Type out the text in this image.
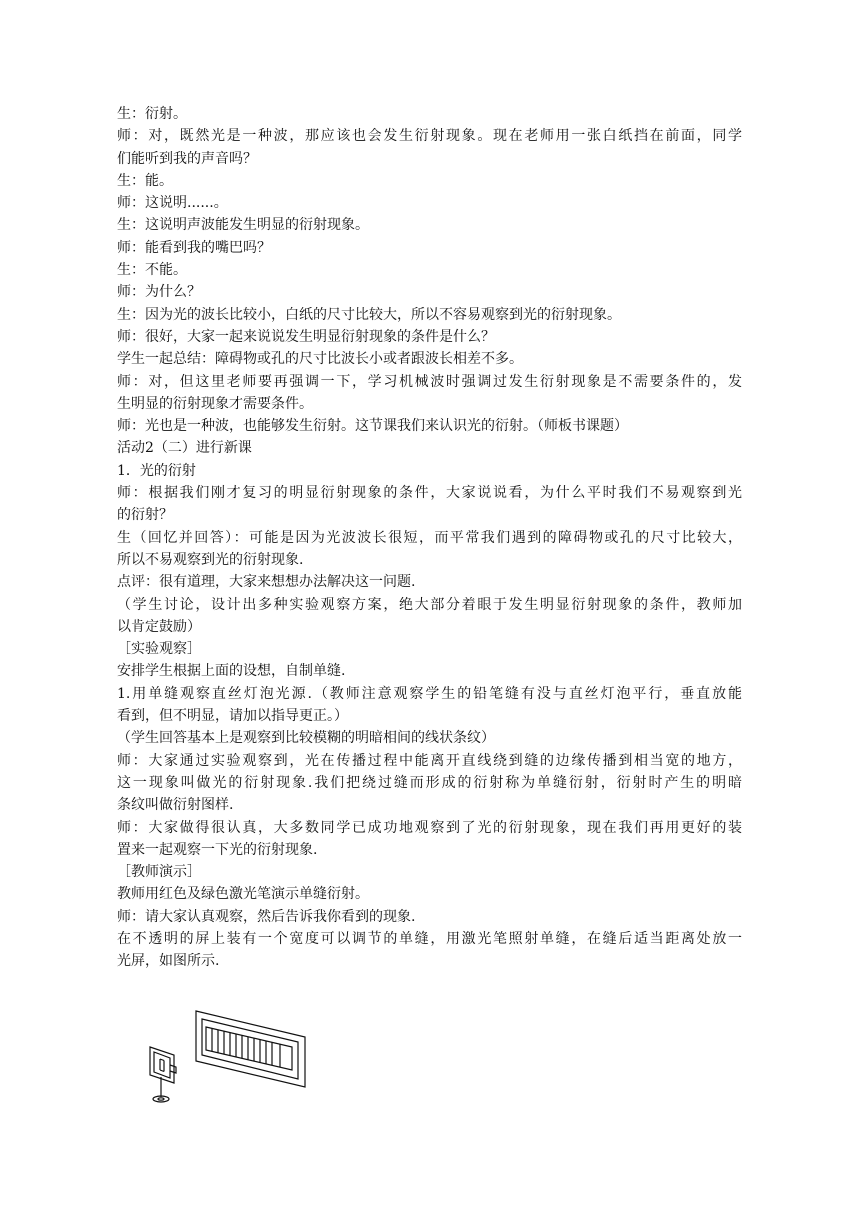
生：衍射。
师：对，既然光是一种波，那应该也会发生衍射现象。现在老师用一张白纸挡在前面，同学
们能听到我的声音吗？
生：能。
师：这说明......。
生：这说明声波能发生明显的衍射现象。
师：能看到我的嘴巴吗？
生：不能。
师：为什么？
生：因为光的波长比较小，白纸的尺寸比较大，所以不容易观察到光的衍射现象。
师：很好，大家一起来说说发生明显衍射现象的条件是什么？
学生一起总结：障碍物或孔的尺寸比波长小或者跟波长相差不多。
师：对，但这里老师要再强调一下，学习机械波时强调过发生衍射现象是不需要条件的，发
生明显的衍射现象才需要条件。
师：光也是一种波，也能够发生衍射。这节课我们来认识光的衍射。（师板书课题）
活动2（二）进行新课
1．光的衍射
师：根据我们刚才复习的明显衍射现象的条件，大家说说看，为什么平时我们不易观察到光
的衍射？
生（回忆并回答）：可能是因为光波波长很短，而平常我们遇到的障碍物或孔的尺寸比较大，
所以不易观察到光的衍射现象.
点评：很有道理，大家来想想办法解决这一问题.
（学生讨论，设计出多种实验观察方案，绝大部分着眼于发生明显衍射现象的条件，教师加
以肯定鼓励）
［实验观察］
安排学生根据上面的设想，自制单缝.
1.用单缝观察直丝灯泡光源.（教师注意观察学生的铅笔缝有没与直丝灯泡平行，垂直放能
看到，但不明显，请加以指导更正。）
（学生回答基本上是观察到比较模糊的明暗相间的线状条纹）
师：大家通过实验观察到，光在传播过程中能离开直线绕到缝的边缘传播到相当宽的地方，
这一现象叫做光的衍射现象.我们把绕过缝而形成的衍射称为单缝衍射，衍射时产生的明暗
条纹叫做衍射图样.
师：大家做得很认真，大多数同学已成功地观察到了光的衍射现象，现在我们再用更好的装
置来一起观察一下光的衍射现象.
［教师演示］
教师用红色及绿色激光笔演示单缝衍射。
师：请大家认真观察，然后告诉我你看到的现象.
在不透明的屏上装有一个宽度可以调节的单缝，用激光笔照射单缝，在缝后适当距离处放一
光屏，如图所示.
